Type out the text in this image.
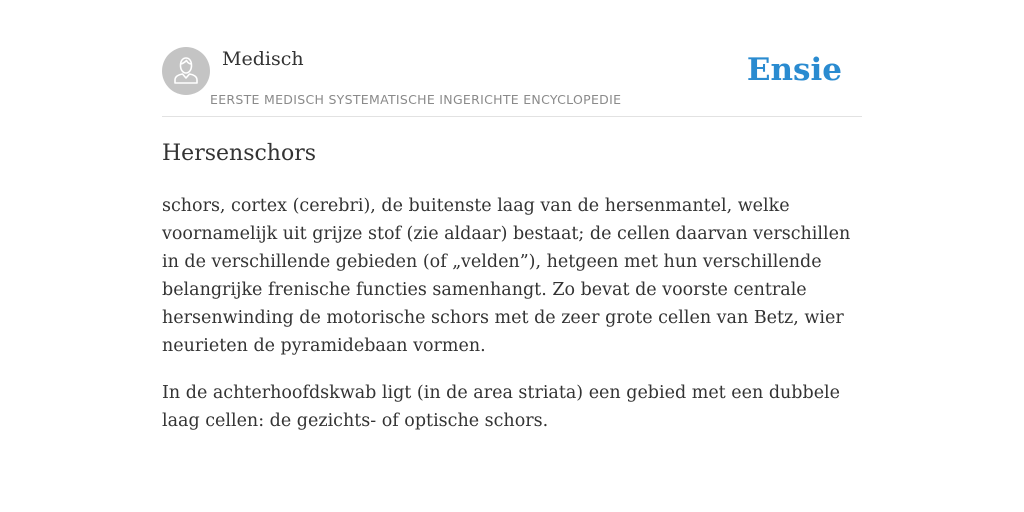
Medisch
EERSTE MEDISCH SYSTEMATISCHE INGERICHTE ENCYCLOPEDIE
Ensie
Hersenschors

schors, cortex (cerebri), de buitenste laag van de hersenmantel, welke voornamelijk uit grijze stof (zie aldaar) bestaat; de cellen daarvan verschillen in de verschillende gebieden (of „velden”), hetgeen met hun verschillende belangrijke frenische functies samenhangt. Zo bevat de voorste centrale hersenwinding de motorische schors met de zeer grote cellen van Betz, wier neurieten de pyramidebaan vormen.

In de achterhoofdskwab ligt (in de area striata) een gebied met een dubbele laag cellen: de gezichts- of optische schors.
